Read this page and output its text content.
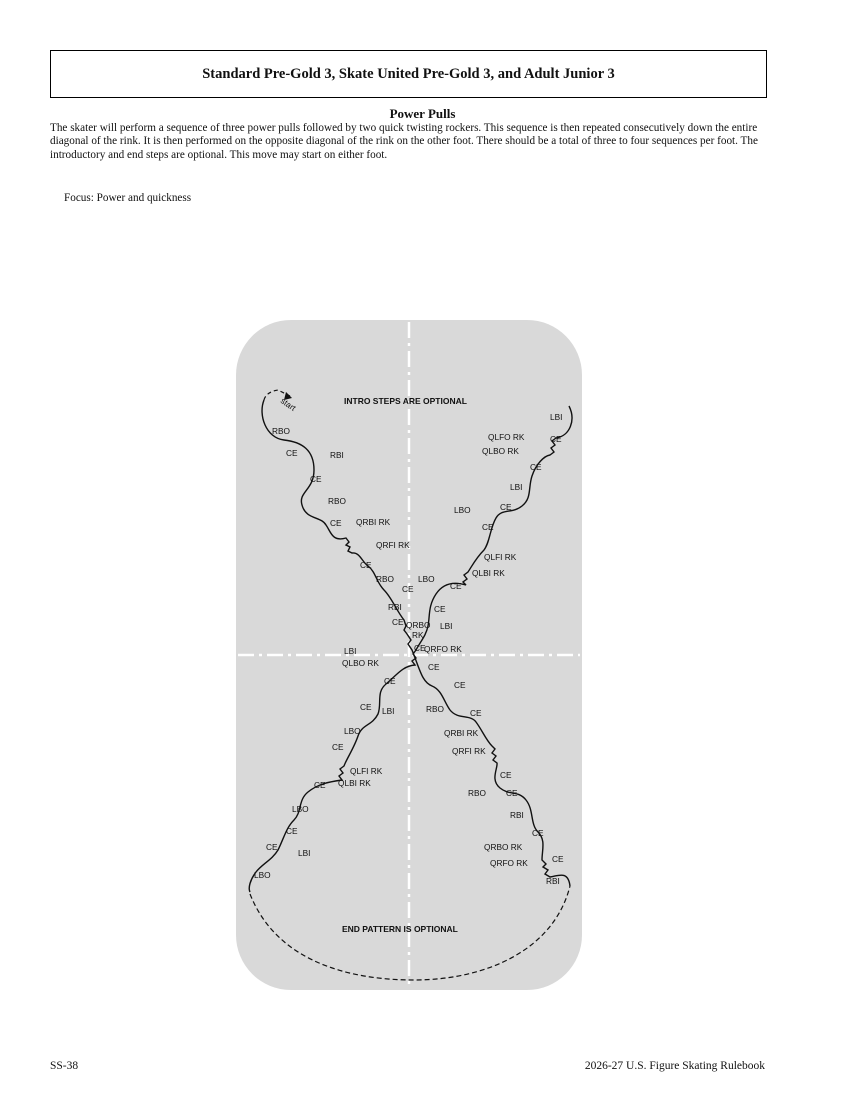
Standard Pre-Gold 3, Skate United Pre-Gold 3, and Adult Junior 3
Power Pulls
The skater will perform a sequence of three power pulls followed by two quick twisting rockers. This sequence is then repeated consecutively down the entire diagonal of the rink. It is then performed on the opposite diagonal of the rink on the other foot. There should be a total of three to four sequences per foot. The introductory and end steps are optional. This move may start on either foot.
Focus: Power and quickness
INTRO STEPS ARE OPTIONAL
END PATTERN IS OPTIONAL
start
RBO
CE	RBI
CE
RBO
CE QRBI RK
QRFI RK
CE
RBO
CE
RBI
CE QRBO
RK
LBI
CE
QLFO RK
QLBO RK
CE
LBI
CE
LBO
CE
QLFI RK
QLBI RK
CE
LBO
CE
LBI
CE
LBI
QLBO RK
CE
CE LBI
LBO
CE
QLFI RK
QLBI RK
CE
LBO
CE
CE
LBI
LBO
QRFO RK
CE
CE
RBO	CE
QRBI RK
QRFI RK
CE
RBO CE
RBI
CE
QRBO RK
QRFO RK	CE
RBI
SS-38	2026-27 U.S. Figure Skating Rulebook
